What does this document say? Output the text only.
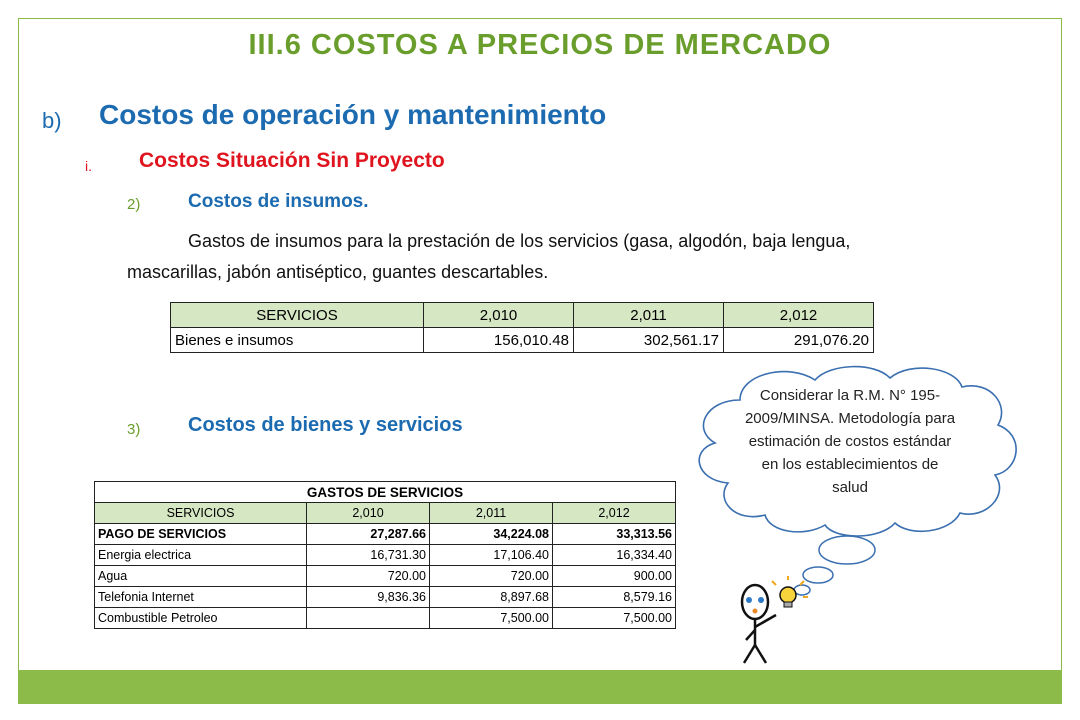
III.6 COSTOS A PRECIOS DE MERCADO
b) Costos de operación y mantenimiento
i. Costos Situación Sin Proyecto
2)	Costos de insumos.
Gastos de insumos para la prestación de los servicios (gasa, algodón, baja lengua,
mascarillas, jabón antiséptico, guantes descartables.
SERVICIOS	2,010	2,011	2,012
Bienes e insumos	156,010.48	302,561.17	291,076.20
3) Costos de bienes y servicios
GASTOS DE SERVICIOS			
SERVICIOS	2,010	2,011	2,012
PAGO DE SERVICIOS	27,287.66	34,224.08	33,313.56
Energia electrica	16,731.30	17,106.40	16,334.40
Agua	720.00	720.00	900.00
Telefonia Internet	9,836.36	8,897.68	8,579.16
Combustible Petroleo		7,500.00	7,500.00
Considerar la R.M. N° 195-
2009/MINSA. Metodología para
estimación de costos estándar
en los establecimientos de
salud
